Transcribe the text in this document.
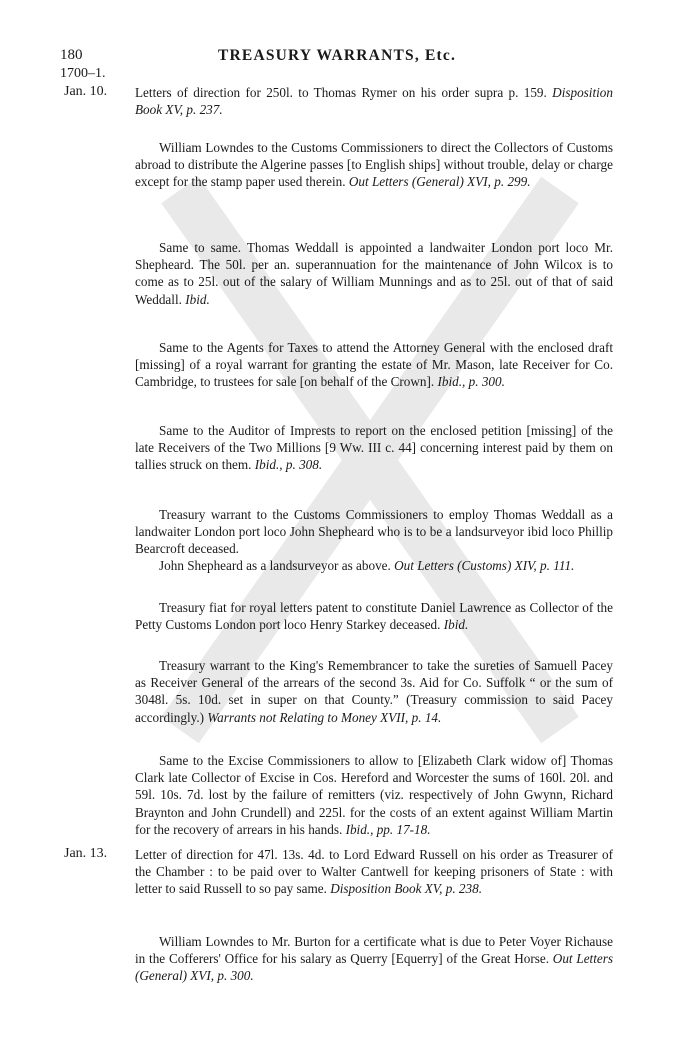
180	TREASURY WARRANTS, Etc.
1700–1.
Jan. 10.
Jan. 13.

Letters of direction for 250l. to Thomas Rymer on his order supra p. 159. Disposition Book XV, p. 237.

William Lowndes to the Customs Commissioners to direct the Collectors of Customs abroad to distribute the Algerine passes [to English ships] without trouble, delay or charge except for the stamp paper used therein. Out Letters (General) XVI, p. 299.

Same to same. Thomas Weddall is appointed a landwaiter London port loco Mr. Shepheard. The 50l. per an. superannuation for the maintenance of John Wilcox is to come as to 25l. out of the salary of William Munnings and as to 25l. out of that of said Weddall. Ibid.

Same to the Agents for Taxes to attend the Attorney General with the enclosed draft [missing] of a royal warrant for granting the estate of Mr. Mason, late Receiver for Co. Cambridge, to trustees for sale [on behalf of the Crown]. Ibid., p. 300.

Same to the Auditor of Imprests to report on the enclosed petition [missing] of the late Receivers of the Two Millions [9 Ww. III c. 44] concerning interest paid by them on tallies struck on them. Ibid., p. 308.

Treasury warrant to the Customs Commissioners to employ Thomas Weddall as a landwaiter London port loco John Shepheard who is to be a landsurveyor ibid loco Phillip Bearcroft deceased.

John Shepheard as a landsurveyor as above. Out Letters (Customs) XIV, p. 111.

Treasury fiat for royal letters patent to constitute Daniel Lawrence as Collector of the Petty Customs London port loco Henry Starkey deceased. Ibid.

Treasury warrant to the King's Remembrancer to take the sureties of Samuell Pacey as Receiver General of the arrears of the second 3s. Aid for Co. Suffolk “ or the sum of 3048l. 5s. 10d. set in super on that County.” (Treasury commission to said Pacey accordingly.) Warrants not Relating to Money XVII, p. 14.

Same to the Excise Commissioners to allow to [Elizabeth Clark widow of] Thomas Clark late Collector of Excise in Cos. Hereford and Worcester the sums of 160l. 20l. and 59l. 10s. 7d. lost by the failure of remitters (viz. respectively of John Gwynn, Richard Braynton and John Crundell) and 225l. for the costs of an extent against William Martin for the recovery of arrears in his hands. Ibid., pp. 17-18.

Letter of direction for 47l. 13s. 4d. to Lord Edward Russell on his order as Treasurer of the Chamber : to be paid over to Walter Cantwell for keeping prisoners of State : with letter to said Russell to so pay same. Disposition Book XV, p. 238.

William Lowndes to Mr. Burton for a certificate what is due to Peter Voyer Richause in the Cofferers' Office for his salary as Querry [Equerry] of the Great Horse. Out Letters (General) XVI, p. 300.
